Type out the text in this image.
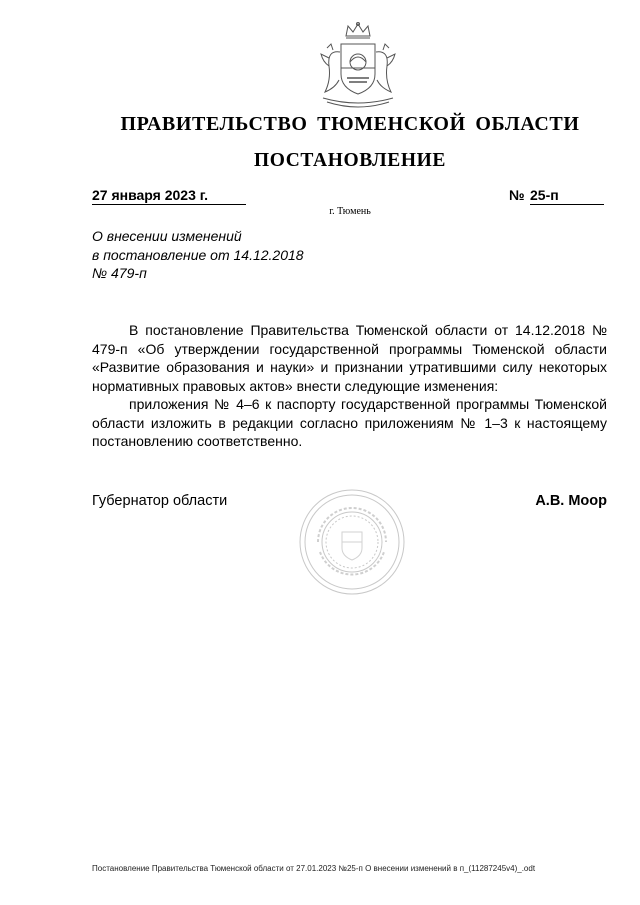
ПРАВИТЕЛЬСТВО ТЮМЕНСКОЙ ОБЛАСТИ
ПОСТАНОВЛЕНИЕ
27 января 2023 г.	№ 25-п
г. Тюмень
О внесении изменений
в постановление от 14.12.2018
№ 479-п

В постановление Правительства Тюменской области от 14.12.2018 № 479-п «Об утверждении государственной программы Тюменской области «Развитие образования и науки» и признании утратившими силу некоторых нормативных правовых актов» внести следующие изменения:

приложения № 4–6 к паспорту государственной программы Тюменской области изложить в редакции согласно приложениям № 1–3 к настоящему постановлению соответственно.

Губернатор области	А.В. Моор
Постановление Правительства Тюменской области от 27.01.2023 №25-п О внесении изменений в п_(11287245v4)_.odt
